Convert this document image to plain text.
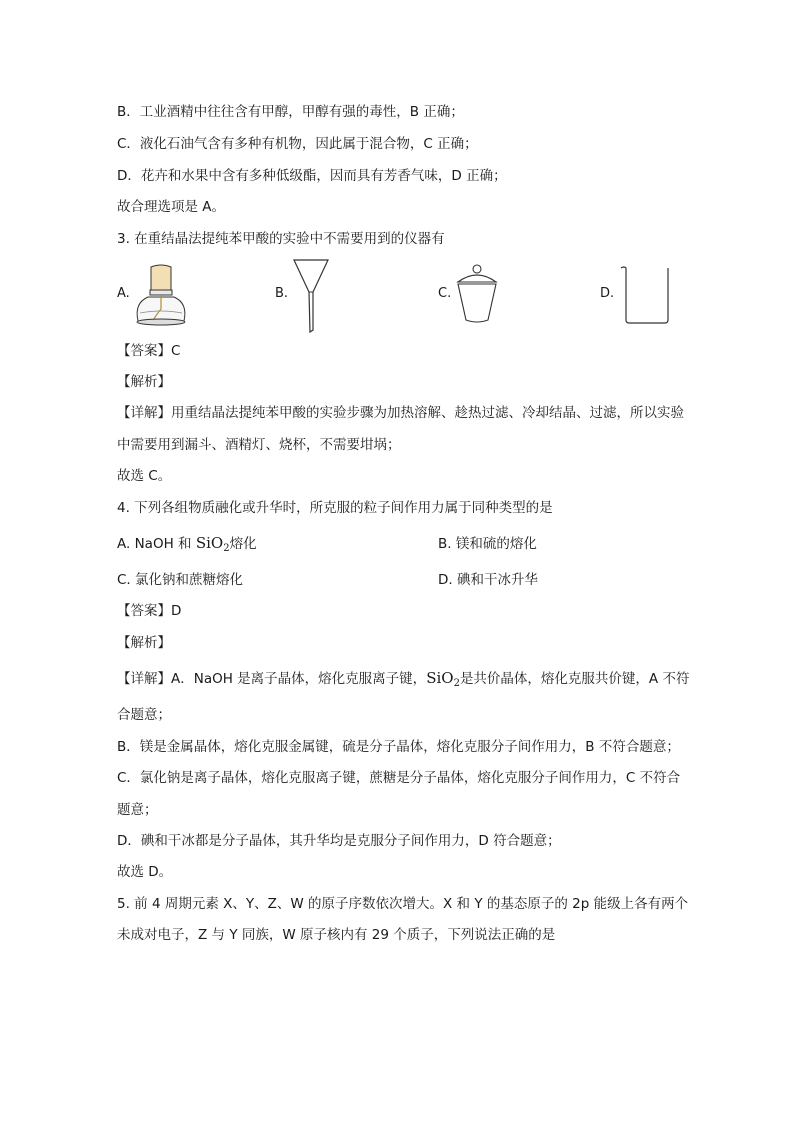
B．工业酒精中往往含有甲醇，甲醇有强的毒性，B 正确；
C．液化石油气含有多种有机物，因此属于混合物，C 正确；
D．花卉和水果中含有多种低级酯，因而具有芳香气味，D 正确；
故合理选项是 A。
3. 在重结晶法提纯苯甲酸的实验中不需要用到的仪器有
A.	B.	C.	D.
【答案】C
【解析】
【详解】用重结晶法提纯苯甲酸的实验步骤为加热溶解、趁热过滤、冷却结晶、过滤，所以实验
中需要用到漏斗、酒精灯、烧杯，不需要坩埚；
故选 C。
4. 下列各组物质融化或升华时，所克服的粒子间作用力属于同种类型的是
A. NaOH 和 SiO$_2$熔化	B. 镁和硫的熔化
C. 氯化钠和蔗糖熔化	D. 碘和干冰升华
【答案】D
【解析】
【详解】A．NaOH 是离子晶体，熔化克服离子键，SiO$_2$是共价晶体，熔化克服共价键，A 不符
合题意；
B．镁是金属晶体，熔化克服金属键，硫是分子晶体，熔化克服分子间作用力，B 不符合题意；
C．氯化钠是离子晶体，熔化克服离子键，蔗糖是分子晶体，熔化克服分子间作用力，C 不符合
题意；
D．碘和干冰都是分子晶体，其升华均是克服分子间作用力，D 符合题意；
故选 D。
5. 前 4 周期元素 X、Y、Z、W 的原子序数依次增大。X 和 Y 的基态原子的 2p 能级上各有两个
未成对电子，Z 与 Y 同族，W 原子核内有 29 个质子，下列说法正确的是
